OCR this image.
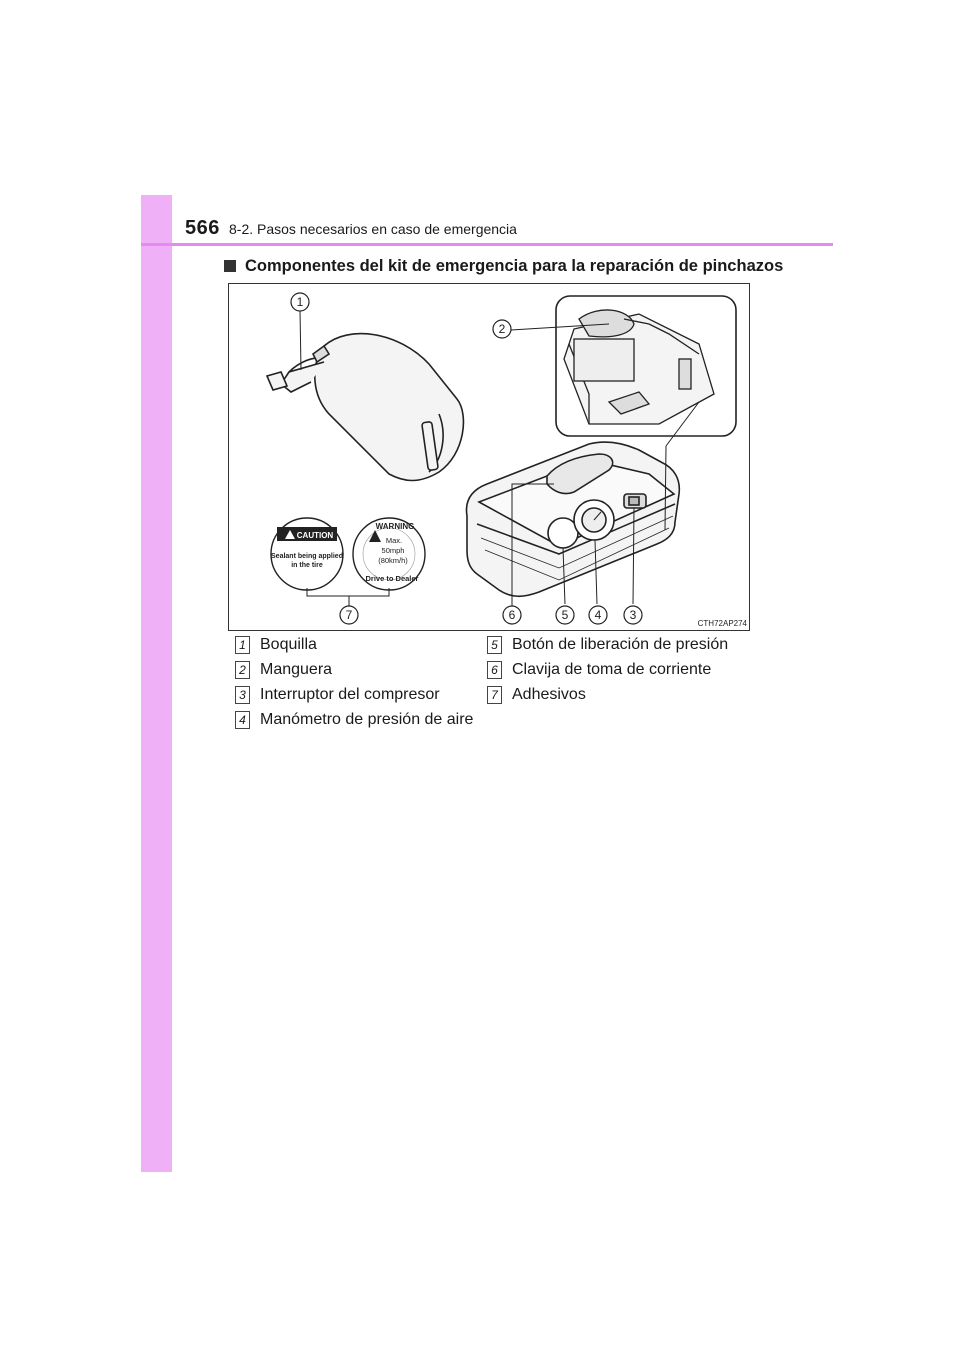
566 8-2. Pasos necesarios en caso de emergencia
Componentes del kit de emergencia para la reparación de pinchazos
CAUTION
Sealant being applied
in the tire
WARNING
Max.
50mph
(80km/h)
Drive to Dealer
1
2
3
4
5
6
7
CTH72AP274
1 Boquilla
2 Manguera
3 Interruptor del compresor
4 Manómetro de presión de aire
5 Botón de liberación de presión
6 Clavija de toma de corriente
7 Adhesivos
